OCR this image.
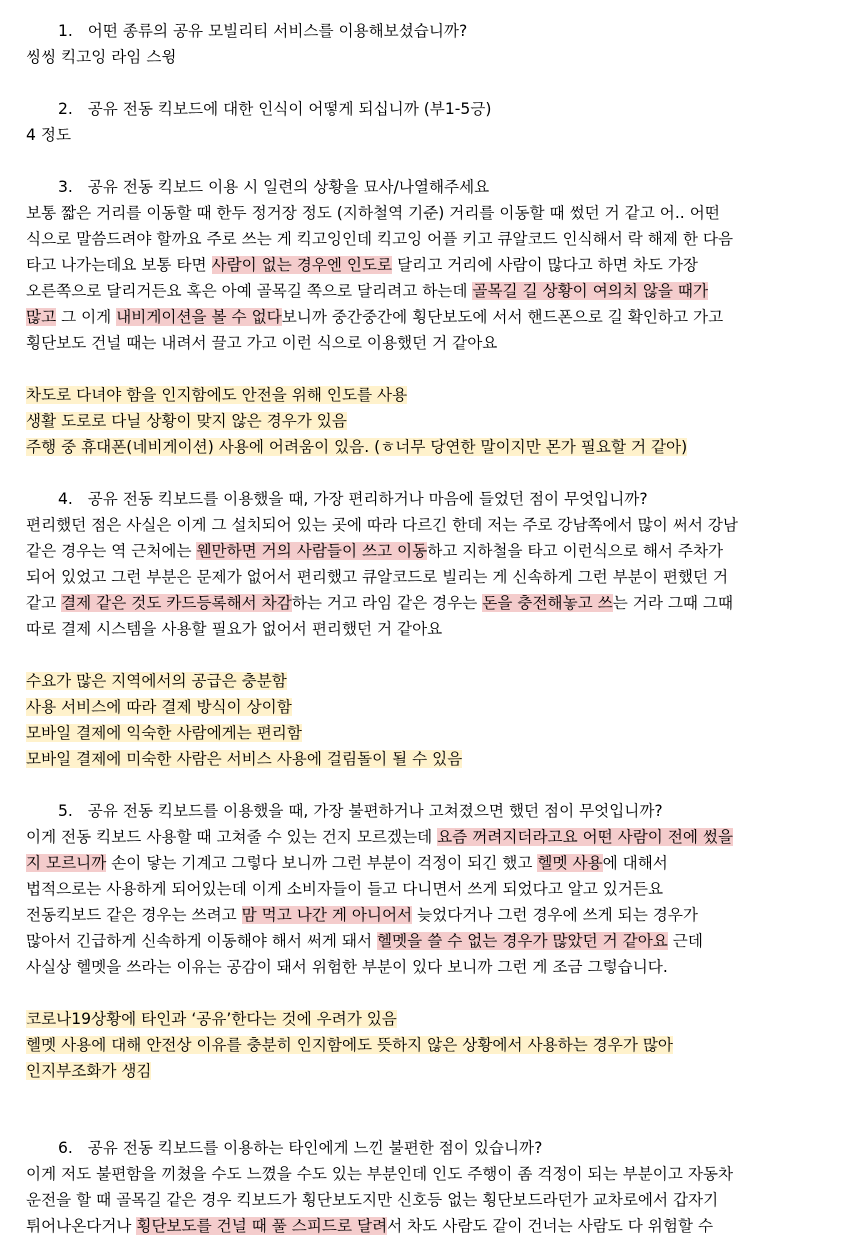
1.   어떤 종류의 공유 모빌리티 서비스를 이용해보셨습니까?
씽씽 킥고잉 라임 스윙
2.   공유 전동 킥보드에 대한 인식이 어떻게 되십니까 (부1-5긍)
4 정도
3.   공유 전동 킥보드 이용 시 일련의 상황을 묘사/나열해주세요
보통 짧은 거리를 이동할 때 한두 정거장 정도 (지하철역 기준) 거리를 이동할 때 썼던 거 같고 어.. 어떤
식으로 말씀드려야 할까요 주로 쓰는 게 킥고잉인데 킥고잉 어플 키고 큐알코드 인식해서 락 해제 한 다음
타고 나가는데요 보통 타면 사람이 없는 경우엔 인도로 달리고 거리에 사람이 많다고 하면 차도 가장
오른쪽으로 달리거든요 혹은 아예 골목길 쪽으로 달리려고 하는데 골목길 길 상황이 여의치 않을 때가
많고 그 이게 내비게이션을 볼 수 없다보니까 중간중간에 횡단보도에 서서 핸드폰으로 길 확인하고 가고
횡단보도 건널 때는 내려서 끌고 가고 이런 식으로 이용했던 거 같아요
차도로 다녀야 함을 인지함에도 안전을 위해 인도를 사용
생활 도로로 다닐 상황이 맞지 않은 경우가 있음
주행 중 휴대폰(네비게이션) 사용에 어려움이 있음. (ㅎ너무 당연한 말이지만 몬가 필요할 거 같아)
4.   공유 전동 킥보드를 이용했을 때, 가장 편리하거나 마음에 들었던 점이 무엇입니까?
편리했던 점은 사실은 이게 그 설치되어 있는 곳에 따라 다르긴 한데 저는 주로 강남쪽에서 많이 써서 강남
같은 경우는 역 근처에는 웬만하면 거의 사람들이 쓰고 이동하고 지하철을 타고 이런식으로 해서 주차가
되어 있었고 그런 부분은 문제가 없어서 편리했고 큐알코드로 빌리는 게 신속하게 그런 부분이 편했던 거
같고 결제 같은 것도 카드등록해서 차감하는 거고 라임 같은 경우는 돈을 충전해놓고 쓰는 거라 그때 그때
따로 결제 시스템을 사용할 필요가 없어서 편리했던 거 같아요
수요가 많은 지역에서의 공급은 충분함
사용 서비스에 따라 결제 방식이 상이함
모바일 결제에 익숙한 사람에게는 편리함
모바일 결제에 미숙한 사람은 서비스 사용에 걸림돌이 될 수 있음
5.   공유 전동 킥보드를 이용했을 때, 가장 불편하거나 고쳐졌으면 했던 점이 무엇입니까?
이게 전동 킥보드 사용할 때 고쳐줄 수 있는 건지 모르겠는데 요즘 꺼려지더라고요 어떤 사람이 전에 썼을
지 모르니까 손이 닿는 기계고 그렇다 보니까 그런 부분이 걱정이 되긴 했고 헬멧 사용에 대해서
법적으로는 사용하게 되어있는데 이게 소비자들이 들고 다니면서 쓰게 되었다고 알고 있거든요
전동킥보드 같은 경우는 쓰려고 맘 먹고 나간 게 아니어서 늦었다거나 그런 경우에 쓰게 되는 경우가
많아서 긴급하게 신속하게 이동해야 해서 써게 돼서 헬멧을 쓸 수 없는 경우가 많았던 거 같아요 근데
사실상 헬멧을 쓰라는 이유는 공감이 돼서 위험한 부분이 있다 보니까 그런 게 조금 그렇습니다.
코로나19상황에 타인과 ‘공유’한다는 것에 우려가 있음
헬멧 사용에 대해 안전상 이유를 충분히 인지함에도 뜻하지 않은 상황에서 사용하는 경우가 많아
인지부조화가 생김
6.   공유 전동 킥보드를 이용하는 타인에게 느낀 불편한 점이 있습니까?
이게 저도 불편함을 끼쳤을 수도 느꼈을 수도 있는 부분인데 인도 주행이 좀 걱정이 되는 부분이고 자동차
운전을 할 때 골목길 같은 경우 킥보드가 횡단보도지만 신호등 없는 횡단보드라던가 교차로에서 갑자기
튀어나온다거나 횡단보도를 건널 때 풀 스피드로 달려서 차도 사람도 같이 건너는 사람도 다 위험할 수
